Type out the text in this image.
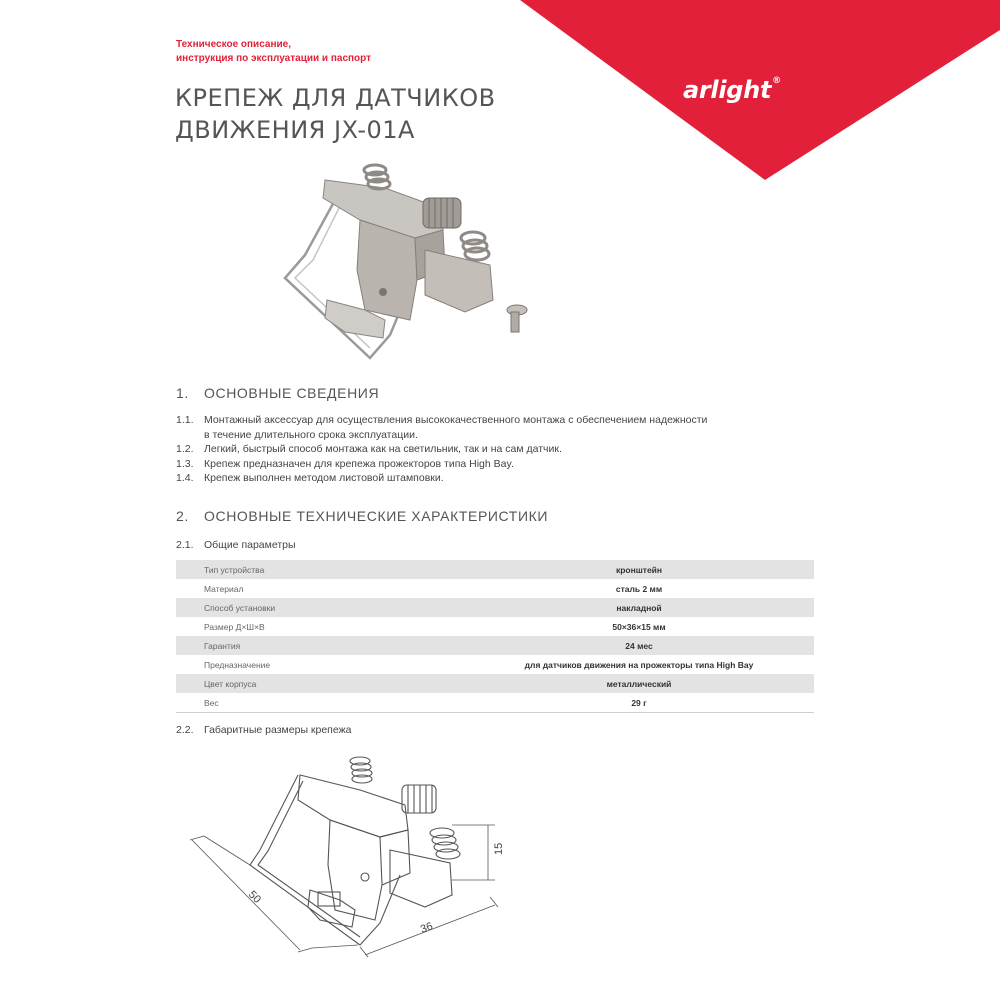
arlight®
Техническое описание,
инструкция по эксплуатации и паспорт
КРЕПЕЖ ДЛЯ ДАТЧИКОВ
ДВИЖЕНИЯ JX-01A
1. ОСНОВНЫЕ СВЕДЕНИЯ
1.1. Монтажный аксессуар для осуществления высококачественного монтажа с обеспечением надежности
в течение длительного срока эксплуатации.
1.2. Легкий, быстрый способ монтажа как на светильник, так и на сам датчик.
1.3. Крепеж предназначен для крепежа прожекторов типа High Bay.
1.4. Крепеж выполнен методом листовой штамповки.
2. ОСНОВНЫЕ ТЕХНИЧЕСКИЕ ХАРАКТЕРИСТИКИ
2.1. Общие параметры
Тип устройства	кронштейн
Материал	сталь 2 мм
Способ установки	накладной
Размер Д×Ш×В	50×36×15 мм
Гарантия	24 мес
Предназначение	для датчиков движения на прожекторы типа High Bay
Цвет корпуса	металлический
Вес	29 г
2.2. Габаритные размеры крепежа
50
36
15
